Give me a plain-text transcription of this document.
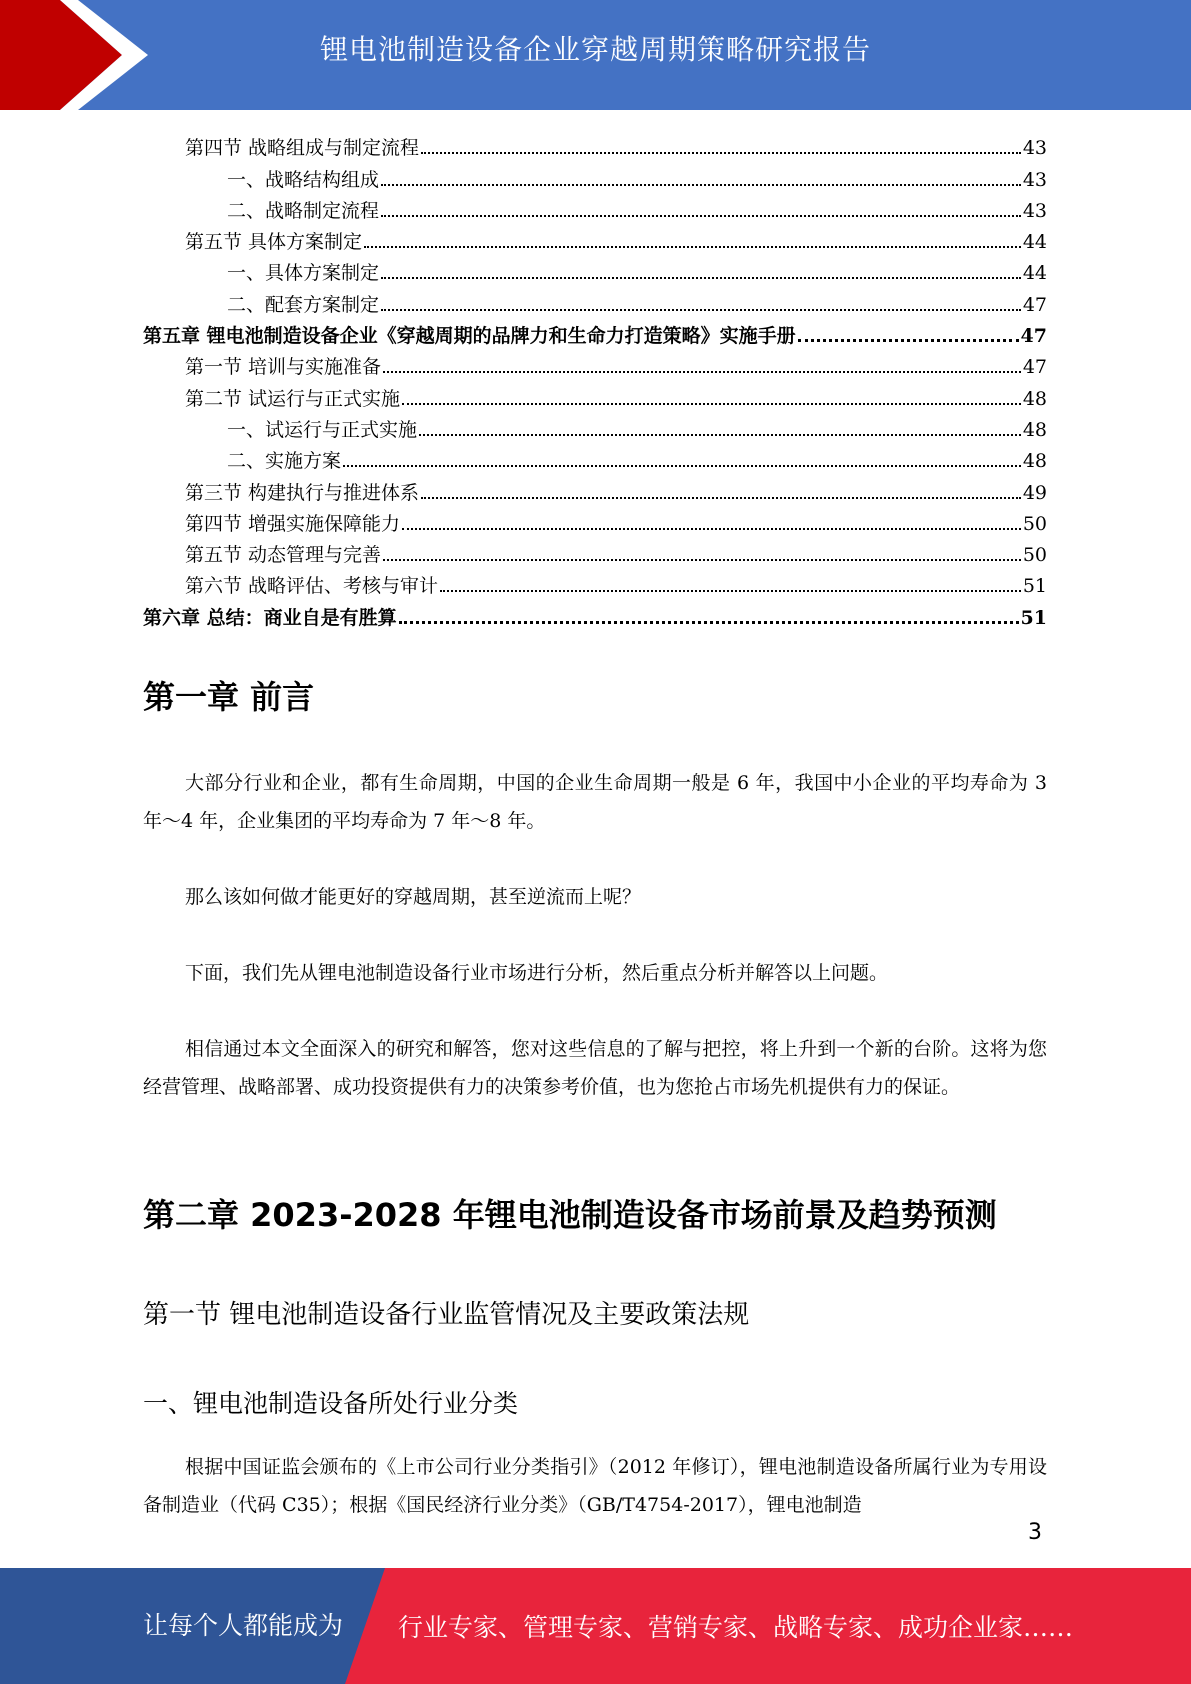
锂电池制造设备企业穿越周期策略研究报告
第四节 战略组成与制定流程	43
一、战略结构组成	43
二、战略制定流程	43
第五节 具体方案制定	44
一、具体方案制定	44
二、配套方案制定	47
第五章 锂电池制造设备企业《穿越周期的品牌力和生命力打造策略》实施手册	47
第一节 培训与实施准备	47
第二节 试运行与正式实施	48
一、试运行与正式实施	48
二、实施方案	48
第三节 构建执行与推进体系	49
第四节 增强实施保障能力	50
第五节 动态管理与完善	50
第六节 战略评估、考核与审计	51
第六章 总结：商业自是有胜算	51
第一章 前言

大部分行业和企业，都有生命周期，中国的企业生命周期一般是 6 年，我国中小企业的平均寿命为 3 年～4 年，企业集团的平均寿命为 7 年～8 年。

那么该如何做才能更好的穿越周期，甚至逆流而上呢？

下面，我们先从锂电池制造设备行业市场进行分析，然后重点分析并解答以上问题。

相信通过本文全面深入的研究和解答，您对这些信息的了解与把控，将上升到一个新的台阶。这将为您经营管理、战略部署、成功投资提供有力的决策参考价值，也为您抢占市场先机提供有力的保证。

第二章 2023-2028 年锂电池制造设备市场前景及趋势预测
第一节 锂电池制造设备行业监管情况及主要政策法规
一、锂电池制造设备所处行业分类

根据中国证监会颁布的《上市公司行业分类指引》（2012 年修订），锂电池制造设备所属行业为专用设备制造业（代码 C35）；根据《国民经济行业分类》（GB/T4754-2017），锂电池制造

3
让每个人都能成为 行业专家、管理专家、营销专家、战略专家、成功企业家……
